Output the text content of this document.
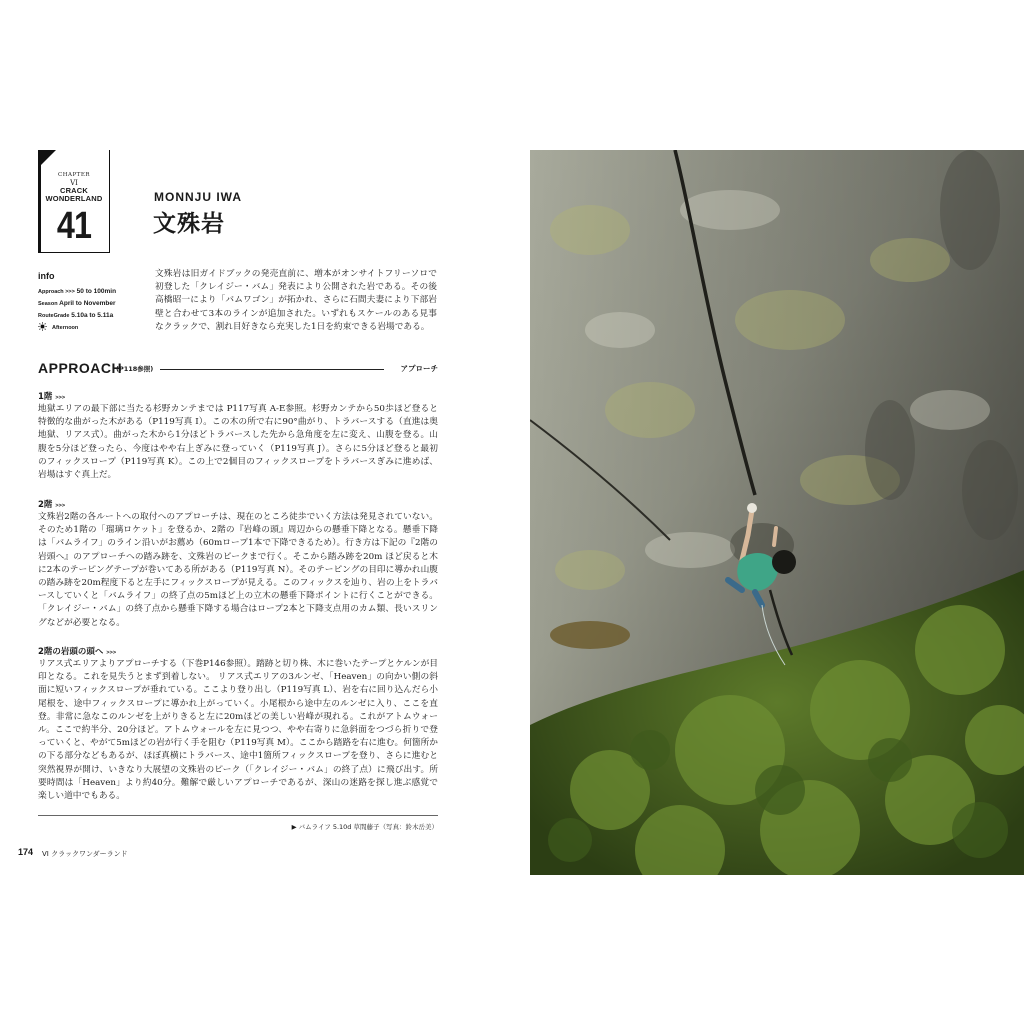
CHAPTER
VI
CRACK
WONDERLAND
41
MONNJU IWA
文殊岩
info
Approach >>> 50 to 100min
Season April to November
RouteGrade 5.10a to 5.11a
Afternoon
文殊岩は旧ガイドブックの発売直前に、増本がオンサイトフリーソロで初登した「クレイジー・バム」発表により公開された岩である。その後高橋昭一により「バムワゴン」が拓かれ、さらに石間夫妻により下部岩壁と合わせて3本のラインが追加された。いずれもスケールのある見事なクラックで、割れ目好きなら充実した1日を約束できる岩場である。
APPROACH
(P118参照)	アプローチ
1階 >>>
地獄エリアの最下部に当たる杉野カンテまでは P117写真 A-E参照。杉野カンテから50歩ほど登ると特徴的な曲がった木がある（P119写真 I）。この木の所で右に90°曲がり、トラバースする（直進は奥地獄、リアス式）。曲がった木から1分ほどトラバースした先から急角度を左に変え、山腹を登る。山腹を5分ほど登ったら、今度はやや右上ぎみに登っていく（P119写真 J）。さらに5分ほど登ると最初のフィックスロープ（P119写真 K）。この上で2個目のフィックスロープをトラバースぎみに進めば、岩場はすぐ真上だ。
2階 >>>
文殊岩2階の各ルートへの取付へのアプローチは、現在のところ徒歩でいく方法は発見されていない。そのため1階の「瑠璃ロケット」を登るか、2階の『岩峰の頭』周辺からの懸垂下降となる。懸垂下降は「バムライフ」のライン沿いがお薦め（60mロープ1本で下降できるため）。行き方は下記の『2階の岩頭へ』のアプローチへの踏み跡を、文殊岩のピークまで行く。そこから踏み跡を20m ほど戻ると木に2本のテーピングテープが巻いてある所がある（P119写真 N）。そのテーピングの目印に導かれ山腹の踏み跡を20m程度下ると左手にフィックスロープが見える。このフィックスを辿り、岩の上をトラバースしていくと「バムライフ」の終了点の5mほど上の立木の懸垂下降ポイントに行くことができる。「クレイジー・バム」の終了点から懸垂下降する場合はロープ2本と下降支点用のカム類、長いスリングなどが必要となる。
2階の岩頭の頭へ >>>
リアス式エリアよりアプローチする（下巻P146参照）。踏跡と切り株、木に巻いたテープとケルンが目印となる。これを見失うとまず到着しない。 リアス式エリアの3ルンゼ、「Heaven」の向かい側の斜面に短いフィックスロープが垂れている。ここより登り出し（P119写真 L）、岩を右に回り込んだら小尾根を、途中フィックスロープに導かれ上がっていく。小尾根から途中左のルンゼに入り、ここを直登。非常に急なこのルンゼを上がりきると左に20mほどの美しい岩峰が現れる。これがアトムウォール。ここで約半分、20分ほど。アトムウォールを左に見つつ、やや右寄りに急斜面をつづら折りで登っていくと、やがて5mほどの岩が行く手を阻む（P119写真 M）。ここから踏路を右に進む。何箇所かの下る部分などもあるが、ほぼ真横にトラバース、途中1箇所フィックスロープを登り、さらに進むと突然視界が開け、いきなり大展望の文殊岩のピーク（「クレイジー・バム」の終了点）に飛び出す。所要時間は「Heaven」より約40分。難解で厳しいアプローチであるが、深山の迷路を探し進ぶ感覚で楽しい道中でもある。
▶ バムライフ 5.10d 草間藤子（写真：鈴木岳美）
174 VI クラックワンダーランド
